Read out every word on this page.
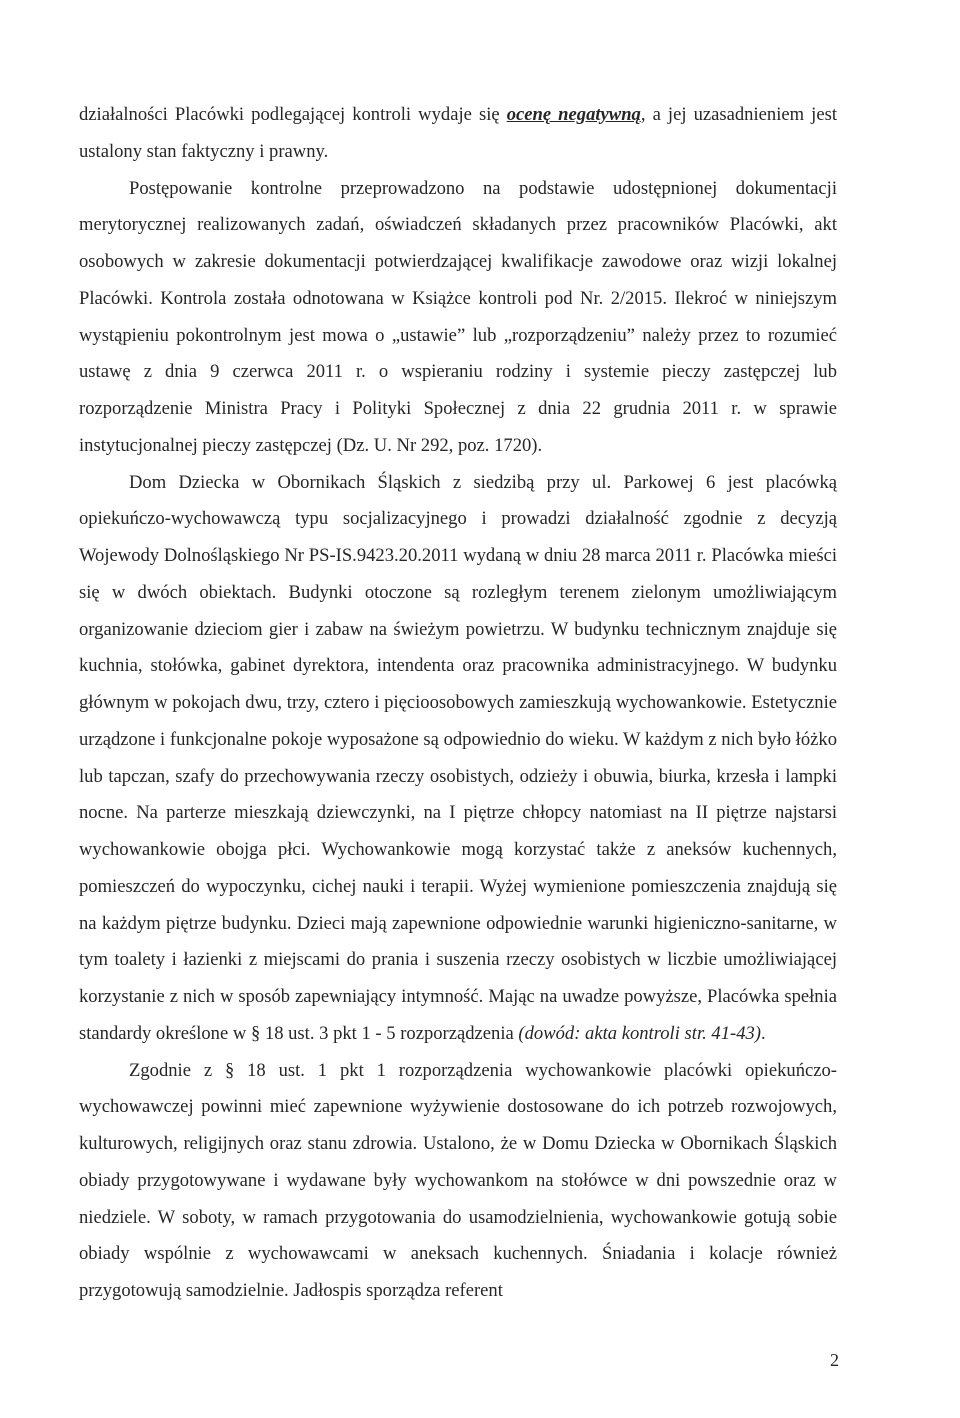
działalności Placówki podlegającej kontroli wydaje się ocenę negatywną, a jej uzasadnieniem jest ustalony stan faktyczny i prawny.

Postępowanie kontrolne przeprowadzono na podstawie udostępnionej dokumentacji merytorycznej realizowanych zadań, oświadczeń składanych przez pracowników Placówki, akt osobowych w zakresie dokumentacji potwierdzającej kwalifikacje zawodowe oraz wizji lokalnej Placówki. Kontrola została odnotowana w Książce kontroli pod Nr. 2/2015. Ilekroć w niniejszym wystąpieniu pokontrolnym jest mowa o „ustawie” lub „rozporządzeniu” należy przez to rozumieć ustawę z dnia 9 czerwca 2011 r. o wspieraniu rodziny i systemie pieczy zastępczej lub rozporządzenie Ministra Pracy i Polityki Społecznej z dnia 22 grudnia 2011 r. w sprawie instytucjonalnej pieczy zastępczej (Dz. U. Nr 292, poz. 1720).

Dom Dziecka w Obornikach Śląskich z siedzibą przy ul. Parkowej 6 jest placówką opiekuńczo-wychowawczą typu socjalizacyjnego i prowadzi działalność zgodnie z decyzją Wojewody Dolnośląskiego Nr PS-IS.9423.20.2011 wydaną w dniu 28 marca 2011 r. Placówka mieści się w dwóch obiektach. Budynki otoczone są rozległym terenem zielonym umożliwiającym organizowanie dzieciom gier i zabaw na świeżym powietrzu. W budynku technicznym znajduje się kuchnia, stołówka, gabinet dyrektora, intendenta oraz pracownika administracyjnego. W budynku głównym w pokojach dwu, trzy, cztero i pięcioosobowych zamieszkują wychowankowie. Estetycznie urządzone i funkcjonalne pokoje wyposażone są odpowiednio do wieku. W każdym z nich było łóżko lub tapczan, szafy do przechowywania rzeczy osobistych, odzieży i obuwia, biurka, krzesła i lampki nocne. Na parterze mieszkają dziewczynki, na I piętrze chłopcy natomiast na II piętrze najstarsi wychowankowie obojga płci. Wychowankowie mogą korzystać także z aneksów kuchennych, pomieszczeń do wypoczynku, cichej nauki i terapii. Wyżej wymienione pomieszczenia znajdują się na każdym piętrze budynku. Dzieci mają zapewnione odpowiednie warunki higieniczno-sanitarne, w tym toalety i łazienki z miejscami do prania i suszenia rzeczy osobistych w liczbie umożliwiającej korzystanie z nich w sposób zapewniający intymność. Mając na uwadze powyższe, Placówka spełnia standardy określone w § 18 ust. 3 pkt 1 - 5 rozporządzenia (dowód: akta kontroli str. 41-43).

Zgodnie z § 18 ust. 1 pkt 1 rozporządzenia wychowankowie placówki opiekuńczo-wychowawczej powinni mieć zapewnione wyżywienie dostosowane do ich potrzeb rozwojowych, kulturowych, religijnych oraz stanu zdrowia. Ustalono, że w Domu Dziecka w Obornikach Śląskich obiady przygotowywane i wydawane były wychowankom na stołówce w dni powszednie oraz w niedziele. W soboty, w ramach przygotowania do usamodzielnienia, wychowankowie gotują sobie obiady wspólnie z wychowawcami w aneksach kuchennych. Śniadania i kolacje również przygotowują samodzielnie. Jadłospis sporządza referent

2
